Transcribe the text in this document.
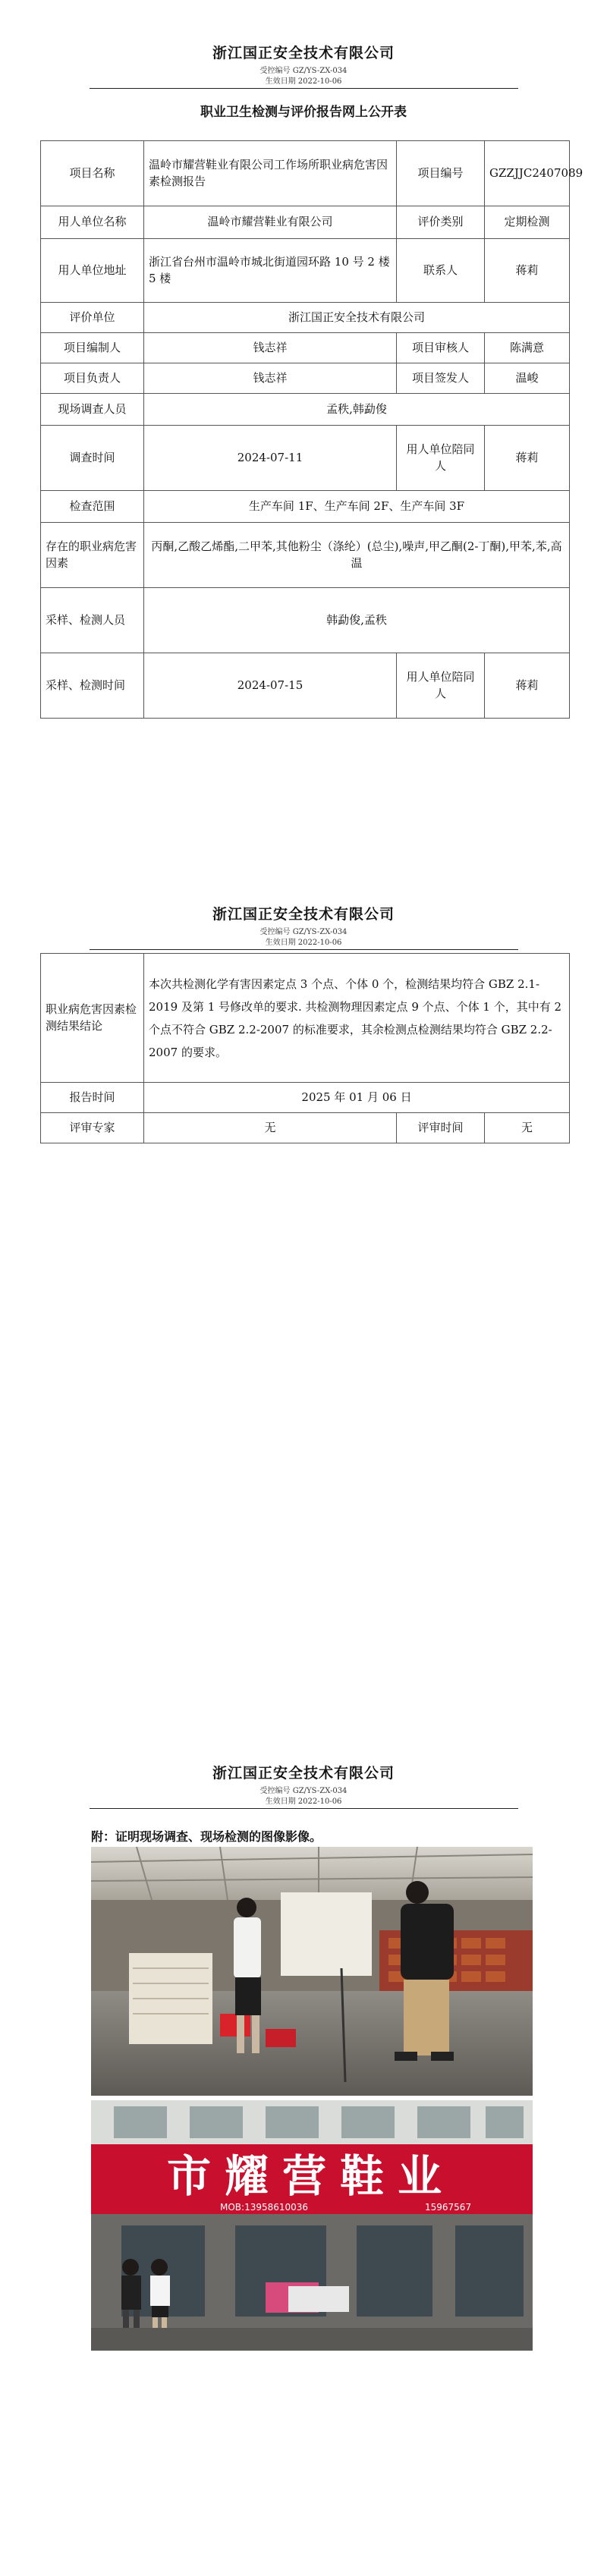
浙江国正安全技术有限公司
受控编号 GZ/YS-ZX-034
生效日期 2022-10-06
职业卫生检测与评价报告网上公开表
项目名称	温岭市耀营鞋业有限公司工作场所职业病危害因素检测报告	项目编号	GZZJJC2407089
用人单位名称	温岭市耀营鞋业有限公司	评价类别	定期检测
用人单位地址	浙江省台州市温岭市城北街道园环路 10 号 2 楼 5 楼	联系人	蒋莉
评价单位	浙江国正安全技术有限公司		
项目编制人	钱志祥	项目审核人	陈满意
项目负责人	钱志祥	项目签发人	温峻
现场调查人员	孟秩,韩勐俊		
调查时间	2024-07-11	用人单位陪同人	蒋莉
检查范围	生产车间 1F、生产车间 2F、生产车间 3F		
存在的职业病危害因素	丙酮,乙酸乙烯酯,二甲苯,其他粉尘（涤纶）(总尘),噪声,甲乙酮(2-丁酮),甲苯,苯,高温		
采样、检测人员	韩勐俊,孟秩		
采样、检测时间	2024-07-15	用人单位陪同人	蒋莉
浙江国正安全技术有限公司
受控编号 GZ/YS-ZX-034
生效日期 2022-10-06
职业病危害因素检测结果结论	本次共检测化学有害因素定点 3 个点、个体 0 个，检测结果均符合 GBZ 2.1-2019 及第 1 号修改单的要求. 共检测物理因素定点 9 个点、个体 1 个，其中有 2 个点不符合 GBZ 2.2-2007 的标准要求，其余检测点检测结果均符合 GBZ 2.2-2007 的要求。		
报告时间	2025 年 01 月 06 日		
评审专家	无	评审时间	无
浙江国正安全技术有限公司
受控编号 GZ/YS-ZX-034
生效日期 2022-10-06
附：证明现场调查、现场检测的图像影像。
市耀营鞋业
MOB:13958610036	15967567
